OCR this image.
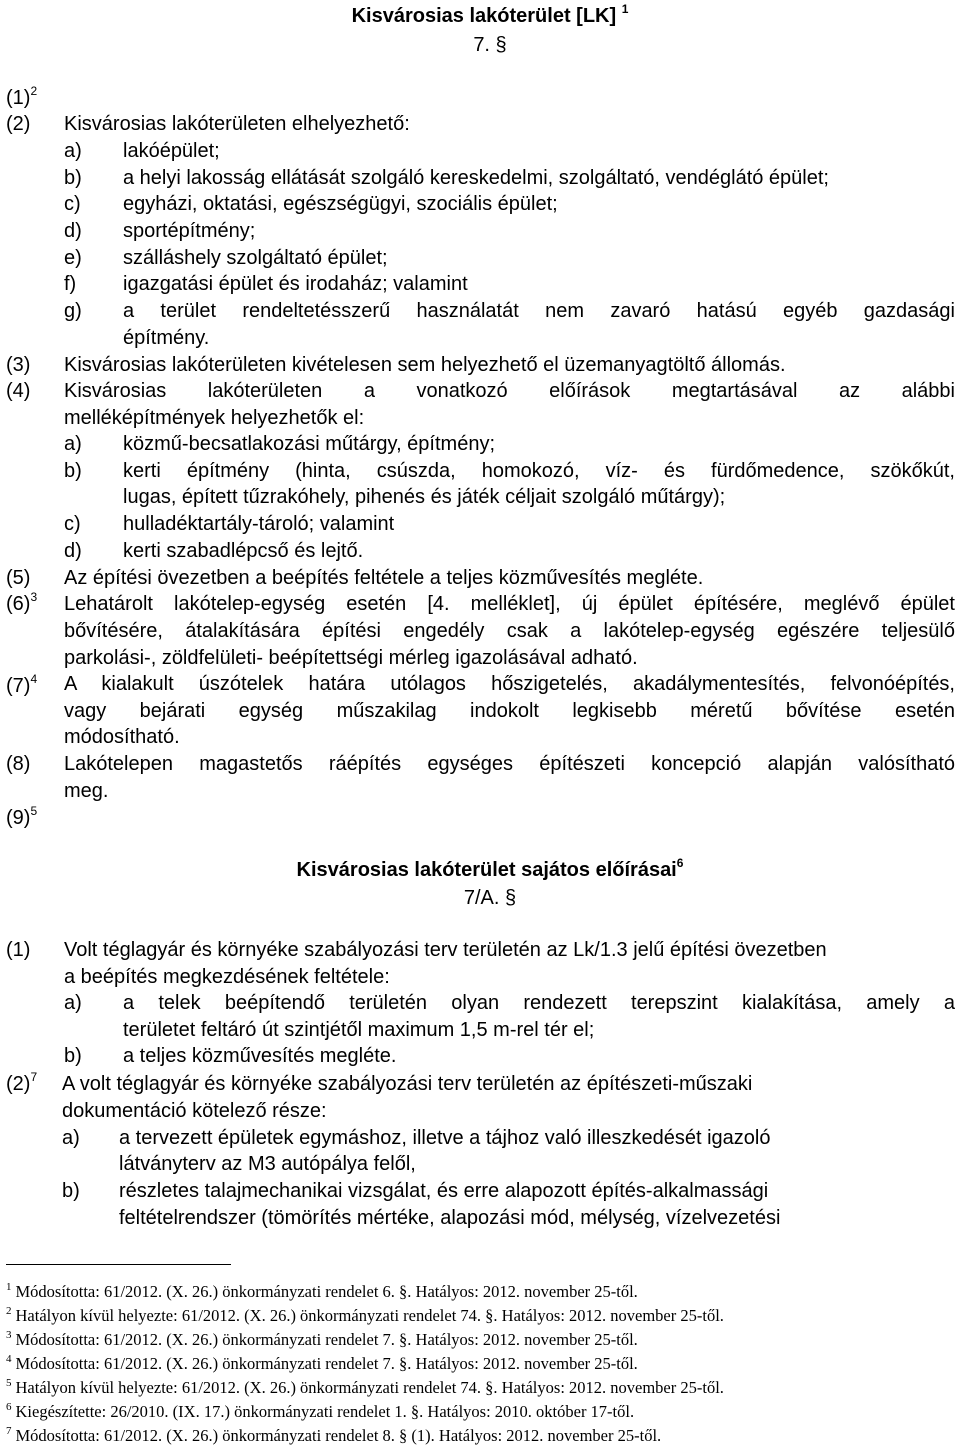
Kisvárosias lakóterület [LK] $^1$
7. §
$(1)^2$
(2) Kisvárosias lakóterületen elhelyezhető:
a) lakóépület;
b) a helyi lakosság ellátását szolgáló kereskedelmi, szolgáltató, vendéglátó épület;
c) egyházi, oktatási, egészségügyi, szociális épület;
d) sportépítmény;
e) szálláshely szolgáltató épület;
f) igazgatási épület és irodaház; valamint
g) a terület rendeltetésszerű használatát nem zavaró hatású egyéb gazdasági
építmény.
(3) Kisvárosias lakóterületen kivételesen sem helyezhető el üzemanyagtöltő állomás.
(4) Kisvárosias lakóterületen a vonatkozó előírások megtartásával az alábbi
melléképítmények helyezhetők el:
a) közmű-becsatlakozási műtárgy, építmény;
b) kerti építmény (hinta, csúszda, homokozó, víz- és fürdőmedence, szökőkút,
lugas, épített tűzrakóhely, pihenés és játék céljait szolgáló műtárgy);
c) hulladéktartály-tároló; valamint
d) kerti szabadlépcső és lejtő.
(5) Az építési övezetben a beépítés feltétele a teljes közművesítés megléte.
$(6)^3$ Lehatárolt lakótelep-egység esetén [4. melléklet], új épület építésére, meglévő épület
bővítésére, átalakítására építési engedély csak a lakótelep-egység egészére teljesülő
parkolási-, zöldfelületi- beépítettségi mérleg igazolásával adható.
$(7)^4$ A kialakult úszótelek határa utólagos hőszigetelés, akadálymentesítés, felvonóépítés,
vagy bejárati egység műszakilag indokolt legkisebb méretű bővítése esetén
módosítható.
(8) Lakótelepen magastetős ráépítés egységes építészeti koncepció alapján valósítható
meg.
$(9)^5$
Kisvárosias lakóterület sajátos előírásai$^6$
7/A. §
(1) Volt téglagyár és környéke szabályozási terv területén az Lk/1.3 jelű építési övezetben
a beépítés megkezdésének feltétele:
a) a telek beépítendő területén olyan rendezett terepszint kialakítása, amely a
területet feltáró út szintjétől maximum 1,5 m-rel tér el;
b) a teljes közművesítés megléte.
$(2)^7$ A volt téglagyár és környéke szabályozási terv területén az építészeti-műszaki
dokumentáció kötelező része:
a) a tervezett épületek egymáshoz, illetve a tájhoz való illeszkedését igazoló
látványterv az M3 autópálya felől,
b) részletes talajmechanikai vizsgálat, és erre alapozott építés-alkalmassági
feltételrendszer (tömörítés mértéke, alapozási mód, mélység, vízelvezetési
$^1$ Módosította: 61/2012. (X. 26.) önkormányzati rendelet 6. §. Hatályos: 2012. november 25-től.
$^2$ Hatályon kívül helyezte: 61/2012. (X. 26.) önkormányzati rendelet 74. §. Hatályos: 2012. november 25-től.
$^3$ Módosította: 61/2012. (X. 26.) önkormányzati rendelet 7. §. Hatályos: 2012. november 25-től.
$^4$ Módosította: 61/2012. (X. 26.) önkormányzati rendelet 7. §. Hatályos: 2012. november 25-től.
$^5$ Hatályon kívül helyezte: 61/2012. (X. 26.) önkormányzati rendelet 74. §. Hatályos: 2012. november 25-től.
$^6$ Kiegészítette: 26/2010. (IX. 17.) önkormányzati rendelet 1. §. Hatályos: 2010. október 17-től.
$^7$ Módosította: 61/2012. (X. 26.) önkormányzati rendelet 8. § (1). Hatályos: 2012. november 25-től.
